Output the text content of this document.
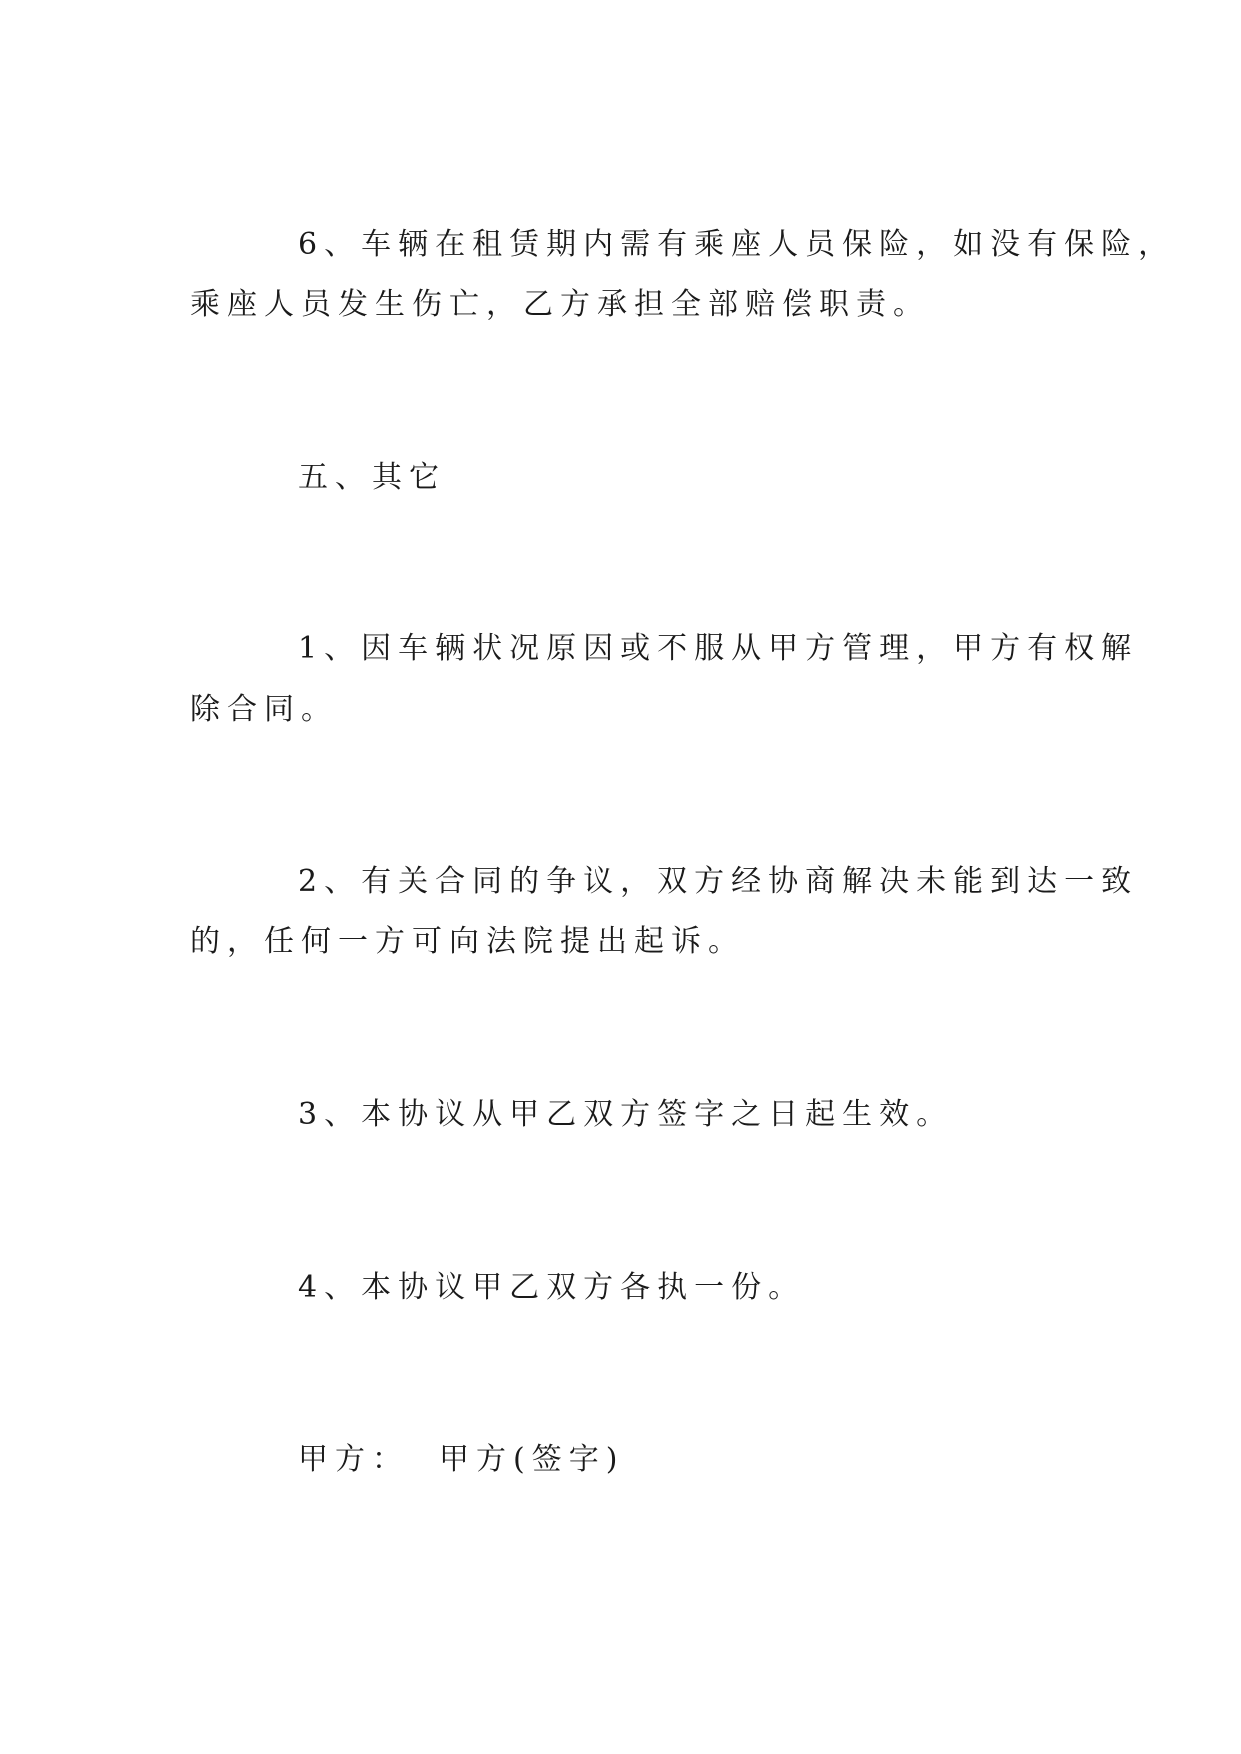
6、车辆在租赁期内需有乘座人员保险，如没有保险，

乘座人员发生伤亡，乙方承担全部赔偿职责。

五、其它

1、因车辆状况原因或不服从甲方管理，甲方有权解

除合同。

2、有关合同的争议，双方经协商解决未能到达一致

的，任何一方可向法院提出起诉。

3、本协议从甲乙双方签字之日起生效。

4、本协议甲乙双方各执一份。

甲方： 甲方(签字)
